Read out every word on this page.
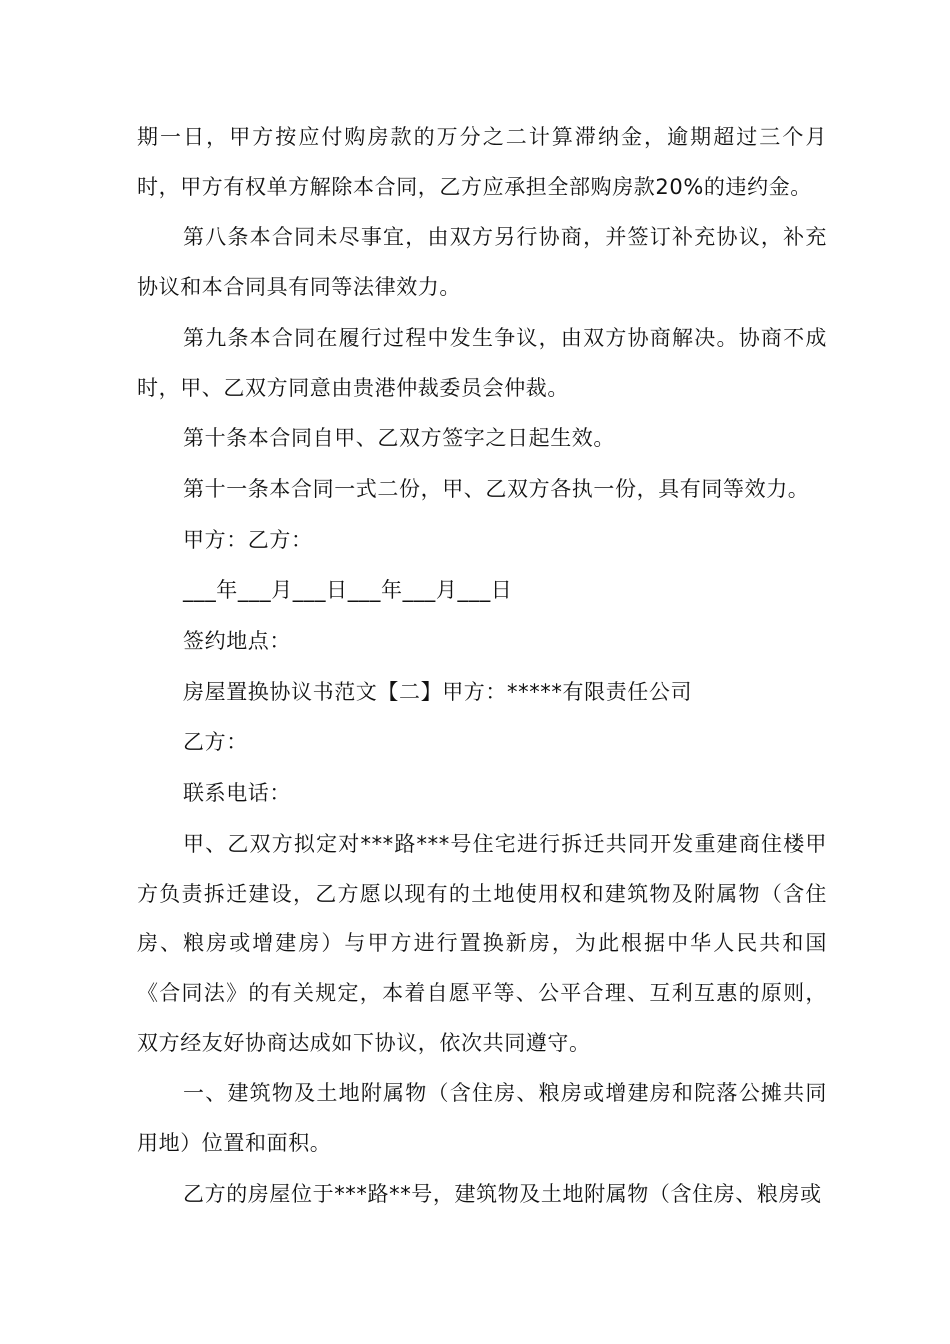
期一日，甲方按应付购房款的万分之二计算滞纳金，逾期超过三个月时，甲方有权单方解除本合同，乙方应承担全部购房款20%的违约金。

第八条本合同未尽事宜，由双方另行协商，并签订补充协议，补充协议和本合同具有同等法律效力。

第九条本合同在履行过程中发生争议，由双方协商解决。协商不成时，甲、乙双方同意由贵港仲裁委员会仲裁。

第十条本合同自甲、乙双方签字之日起生效。

第十一条本合同一式二份，甲、乙双方各执一份，具有同等效力。

甲方：乙方：

___年___月___日___年___月___日

签约地点：

房屋置换协议书范文【二】甲方：*****有限责任公司

乙方：

联系电话：

甲、乙双方拟定对***路***号住宅进行拆迁共同开发重建商住楼甲方负责拆迁建设，乙方愿以现有的土地使用权和建筑物及附属物（含住房、粮房或增建房）与甲方进行置换新房，为此根据中华人民共和国《合同法》的有关规定，本着自愿平等、公平合理、互利互惠的原则，双方经友好协商达成如下协议，依次共同遵守。

一、建筑物及土地附属物（含住房、粮房或增建房和院落公摊共同用地）位置和面积。

乙方的房屋位于***路**号，建筑物及土地附属物（含住房、粮房或
